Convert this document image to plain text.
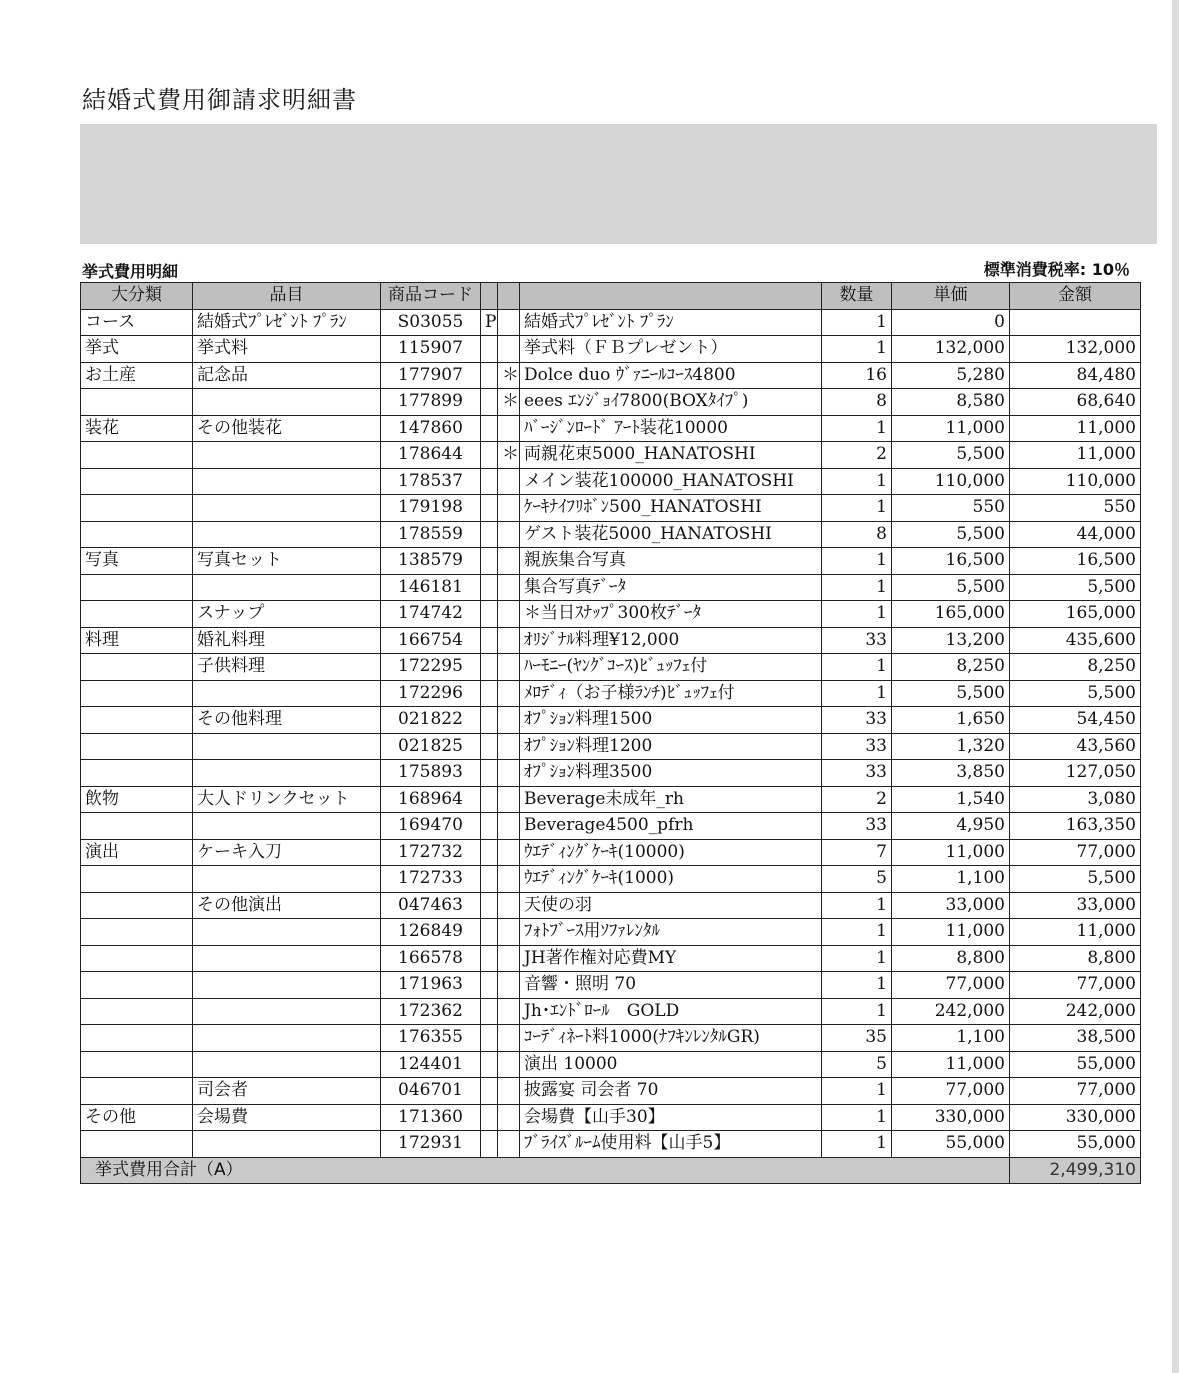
結婚式費用御請求明細書
挙式費用明細	標準消費税率: 10％
大分類	品目	商品コード				数量	単価	金額
コース	結婚式ﾌﾟﾚｾﾞﾝﾄ ﾌﾟﾗﾝ	S03055	P		結婚式ﾌﾟﾚｾﾞﾝﾄ ﾌﾟﾗﾝ	1	0	
挙式	挙式料	115907			挙式料（ＦＢプレゼント）	1	132,000	132,000
お土産	記念品	177907		＊	Dolce duo ｳﾞｧﾆｰﾙｺｰｽ4800	16	5,280	84,480
		177899		＊	eees ｴﾝｼﾞｮｲ7800(BOXﾀｲﾌﾟ)	8	8,580	68,640
装花	その他装花	147860			ﾊﾞｰｼﾞﾝﾛｰﾄﾞ ｱｰﾄ装花10000	1	11,000	11,000
		178644		＊	両親花束5000_HANATOSHI	2	5,500	11,000
		178537			メイン装花100000_HANATOSHI	1	110,000	110,000
		179198			ｹｰｷﾅｲﾌﾘﾎﾞﾝ500_HANATOSHI	1	550	550
		178559			ゲスト装花5000_HANATOSHI	8	5,500	44,000
写真	写真セット	138579			親族集合写真	1	16,500	16,500
		146181			集合写真ﾃﾞｰﾀ	1	5,500	5,500
	スナップ	174742			＊当日ｽﾅｯﾌﾟ300枚ﾃﾞｰﾀ	1	165,000	165,000
料理	婚礼料理	166754			ｵﾘｼﾞﾅﾙ料理¥12,000	33	13,200	435,600
	子供料理	172295			ﾊｰﾓﾆｰ(ﾔﾝｸﾞｺｰｽ)ﾋﾞｭｯﾌｪ付	1	8,250	8,250
		172296			ﾒﾛﾃﾞｨ（お子様ﾗﾝﾁ)ﾋﾞｭｯﾌｪ付	1	5,500	5,500
	その他料理	021822			ｵﾌﾟｼｮﾝ料理1500	33	1,650	54,450
		021825			ｵﾌﾟｼｮﾝ料理1200	33	1,320	43,560
		175893			ｵﾌﾟｼｮﾝ料理3500	33	3,850	127,050
飲物	大人ドリンクセット	168964			Beverage未成年_rh	2	1,540	3,080
		169470			Beverage4500_pfrh	33	4,950	163,350
演出	ケーキ入刀	172732			ｳｴﾃﾞｨﾝｸﾞｹｰｷ(10000)	7	11,000	77,000
		172733			ｳｴﾃﾞｨﾝｸﾞｹｰｷ(1000)	5	1,100	5,500
	その他演出	047463			天使の羽	1	33,000	33,000
		126849			ﾌｫﾄﾌﾞｰｽ用ｿﾌｧﾚﾝﾀﾙ	1	11,000	11,000
		166578			JH著作権対応費MY	1	8,800	8,800
		171963			音響・照明 70	1	77,000	77,000
		172362			Jh･ｴﾝﾄﾞﾛｰﾙ　GOLD	1	242,000	242,000
		176355			ｺｰﾃﾞｨﾈｰﾄ料1000(ﾅﾌｷﾝﾚﾝﾀﾙGR)	35	1,100	38,500
		124401			演出 10000	5	11,000	55,000
	司会者	046701			披露宴 司会者 70	1	77,000	77,000
その他	会場費	171360			会場費【山手30】	1	330,000	330,000
		172931			ﾌﾞﾗｲｽﾞﾙｰﾑ使用料【山手5】	1	55,000	55,000
挙式費用合計（A）								2,499,310
